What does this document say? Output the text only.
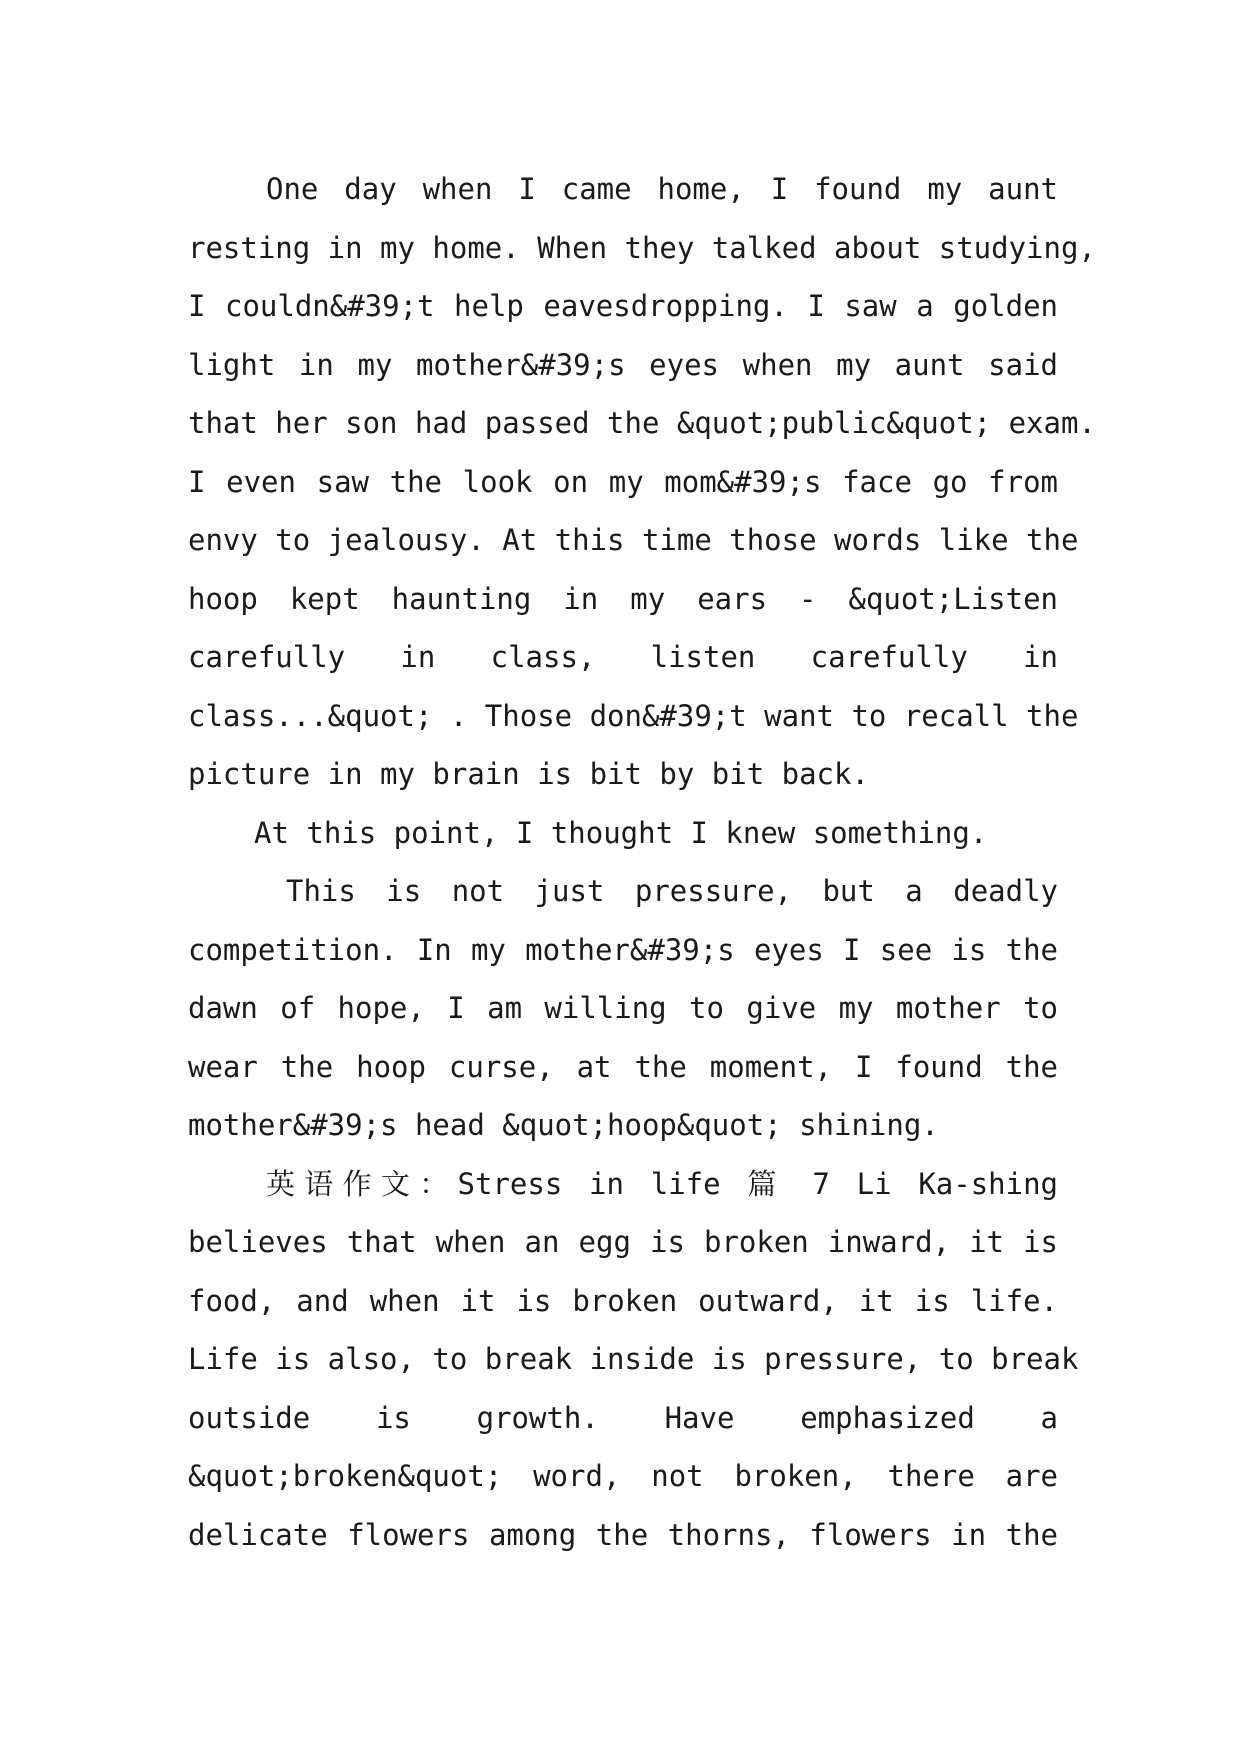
One day when I came home, I found my aunt
resting in my home. When they talked about studying,
I couldn&#39;t help eavesdropping. I saw a golden
light in my mother&#39;s eyes when my aunt said
that her son had passed the &quot;public&quot; exam.
I even saw the look on my mom&#39;s face go from
envy to jealousy. At this time those words like the
hoop kept haunting in my ears - &quot;Listen
carefully in class, listen carefully in
class...&quot; . Those don&#39;t want to recall the
picture in my brain is bit by bit back.
At this point, I thought I knew something.
This is not just pressure, but a deadly
competition. In my mother&#39;s eyes I see is the
dawn of hope, I am willing to give my mother to
wear the hoop curse, at the moment, I found the
mother&#39;s head &quot;hoop&quot; shining.
英语作文：Stress in life 篇 7 Li Ka-shing
believes that when an egg is broken inward, it is
food, and when it is broken outward, it is life.
Life is also, to break inside is pressure, to break
outside is growth. Have emphasized a
&quot;broken&quot; word, not broken, there are
delicate flowers among the thorns, flowers in the
